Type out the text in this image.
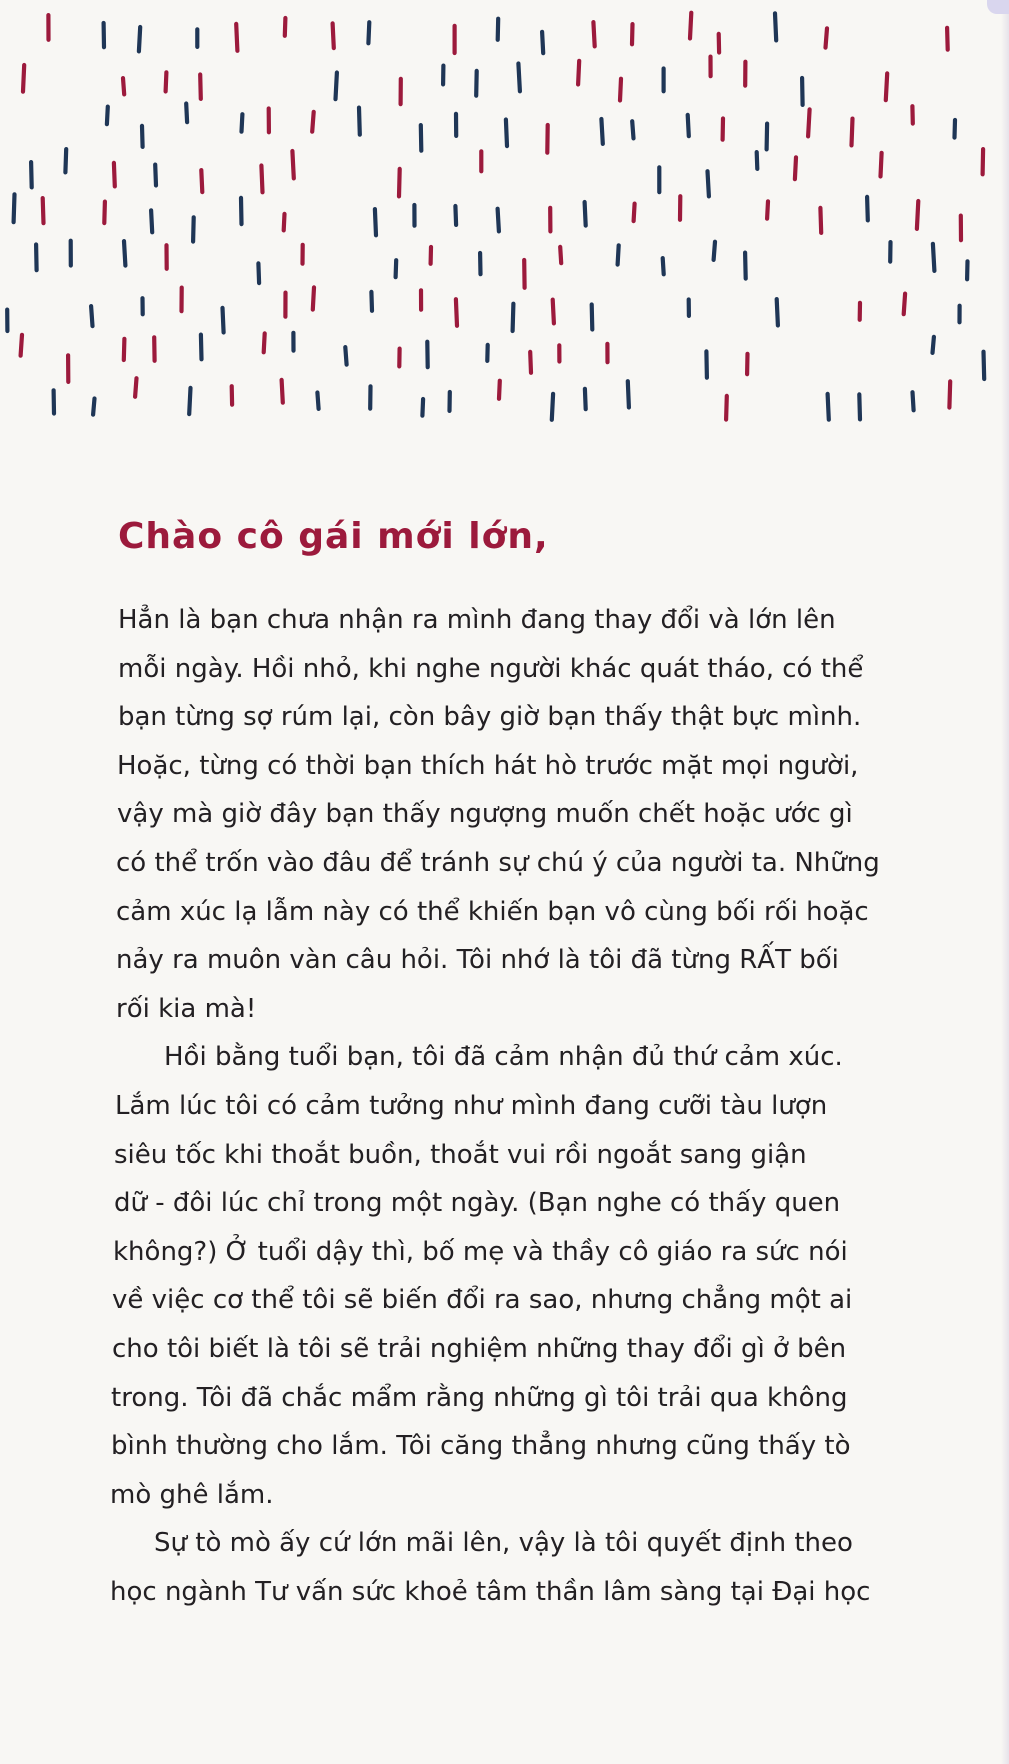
Chào cô gái mới lớn,
Hẳn là bạn chưa nhận ra mình đang thay đổi và lớn lên
mỗi ngày. Hồi nhỏ, khi nghe người khác quát tháo, có thể
bạn từng sợ rúm lại, còn bây giờ bạn thấy thật bực mình.
Hoặc, từng có thời bạn thích hát hò trước mặt mọi người,
vậy mà giờ đây bạn thấy ngượng muốn chết hoặc ước gì
có thể trốn vào đâu để tránh sự chú ý của người ta. Những
cảm xúc lạ lẫm này có thể khiến bạn vô cùng bối rối hoặc
nảy ra muôn vàn câu hỏi. Tôi nhớ là tôi đã từng RẤT bối
rối kia mà!
Hồi bằng tuổi bạn, tôi đã cảm nhận đủ thứ cảm xúc.
Lắm lúc tôi có cảm tưởng như mình đang cưỡi tàu lượn
siêu tốc khi thoắt buồn, thoắt vui rồi ngoắt sang giận
dữ - đôi lúc chỉ trong một ngày. (Bạn nghe có thấy quen
không?) Ở tuổi dậy thì, bố mẹ và thầy cô giáo ra sức nói
về việc cơ thể tôi sẽ biến đổi ra sao, nhưng chẳng một ai
cho tôi biết là tôi sẽ trải nghiệm những thay đổi gì ở bên
trong. Tôi đã chắc mẩm rằng những gì tôi trải qua không
bình thường cho lắm. Tôi căng thẳng nhưng cũng thấy tò
mò ghê lắm.
Sự tò mò ấy cứ lớn mãi lên, vậy là tôi quyết định theo
học ngành Tư vấn sức khoẻ tâm thần lâm sàng tại Đại học
